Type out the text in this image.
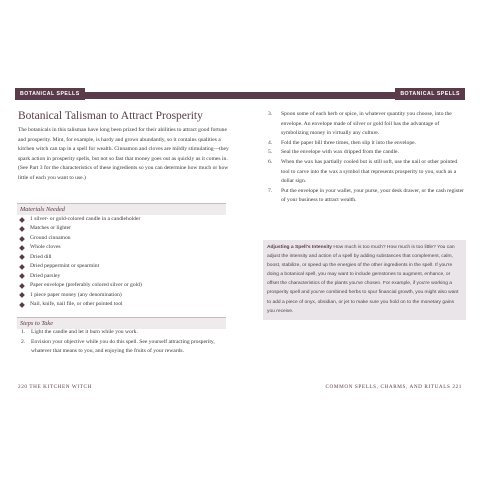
BOTANICAL SPELLS
Botanical Talisman to Attract Prosperity

The botanicals in this talisman have long been prized for their abilities to attract good fortune and prosperity. Mint, for example, is hardy and grows abundantly, so it contains qualities a kitchen witch can tap in a spell for wealth. Cinnamon and cloves are mildly stimulating—they spark action in prosperity spells, but not so fast that money goes out as quickly as it comes in. (See Part 3 for the characteristics of these ingredients so you can determine how much or how little of each you want to use.)

Materials Needed
1 silver- or gold-colored candle in a candleholder
Matches or lighter
Ground cinnamon
Whole cloves
Dried dill
Dried peppermint or spearmint
Dried parsley
Paper envelope (preferably colored silver or gold)
1 piece paper money (any denomination)
Nail, knife, nail file, or other pointed tool
Steps to Take
1. Light the candle and let it burn while you work.
2. Envision your objective while you do this spell. See yourself attracting prosperity, whatever that means to you, and enjoying the fruits of your rewards.
220 THE KITCHEN WITCH
BOTANICAL SPELLS
3. Spoon some of each herb or spice, in whatever quantity you choose, into the envelope. An envelope made of silver or gold foil has the advantage of symbolizing money in virtually any culture.
4. Fold the paper bill three times, then slip it into the envelope.
5. Seal the envelope with wax dripped from the candle.
6. When the wax has partially cooled but is still soft, use the nail or other pointed tool to carve into the wax a symbol that represents prosperity to you, such as a dollar sign.
7. Put the envelope in your wallet, your purse, your desk drawer, or the cash register of your business to attract wealth.
Adjusting a Spell's Intensity How much is too much? How much is too little? You can adjust the intensity and action of a spell by adding substances that complement, calm, boost, stabilize, or speed up the energies of the other ingredients in the spell. If you're doing a botanical spell, you may want to include gemstones to augment, enhance, or offset the characteristics of the plants you've chosen. For example, if you're working a prosperity spell and you've combined herbs to spur financial growth, you might also want to add a piece of onyx, obsidian, or jet to make sure you hold on to the monetary gains you receive.
COMMON SPELLS, CHARMS, AND RITUALS 221
